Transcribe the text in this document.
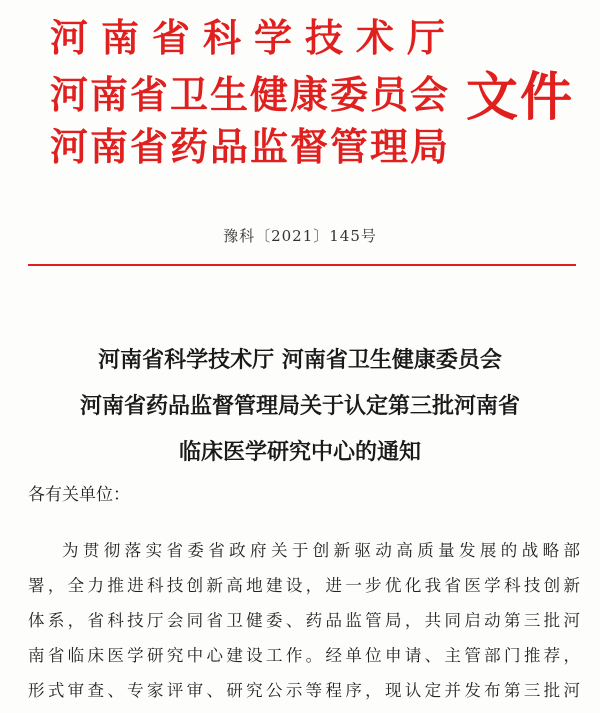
河南省科学技术厅
河南省卫生健康委员会
河南省药品监督管理局
文件
豫科〔2021〕145号
河南省科学技术厅 河南省卫生健康委员会
河南省药品监督管理局关于认定第三批河南省
临床医学研究中心的通知
各有关单位：
为贯彻落实省委省政府关于创新驱动高质量发展的战略部
署，全力推进科技创新高地建设，进一步优化我省医学科技创新
体系，省科技厅会同省卫健委、药品监管局，共同启动第三批河
南省临床医学研究中心建设工作。经单位申请、主管部门推荐，
形式审查、专家评审、研究公示等程序，现认定并发布第三批河
